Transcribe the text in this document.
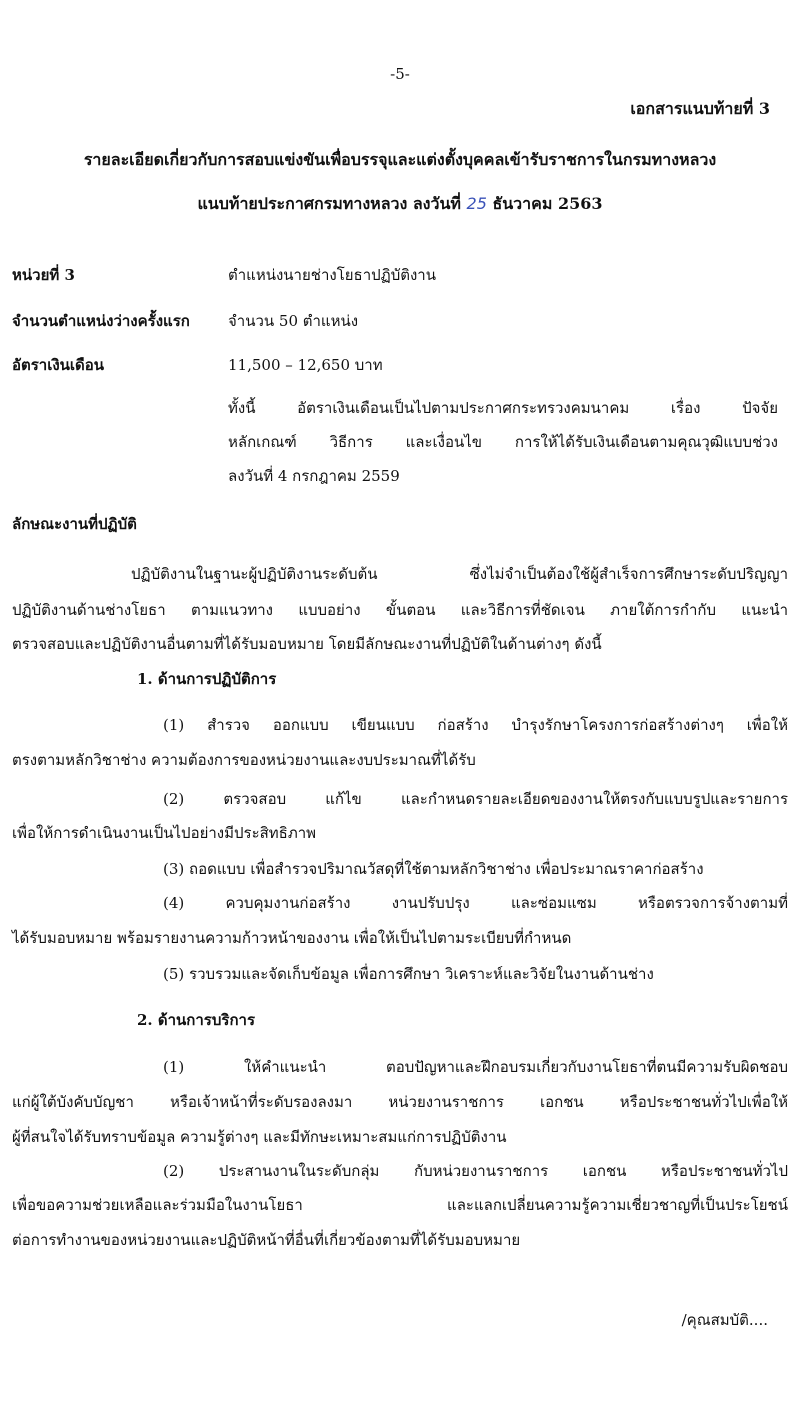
-5-
เอกสารแนบท้ายที่ 3
รายละเอียดเกี่ยวกับการสอบแข่งขันเพื่อบรรจุและแต่งตั้งบุคคลเข้ารับราชการในกรมทางหลวง
แนบท้ายประกาศกรมทางหลวง ลงวันที่ 25 ธันวาคม 2563
หน่วยที่ 3	ตำแหน่งนายช่างโยธาปฏิบัติงาน
จำนวนตำแหน่งว่างครั้งแรก	จำนวน 50 ตำแหน่ง
อัตราเงินเดือน	11,500 – 12,650 บาท
ทั้งนี้ อัตราเงินเดือนเป็นไปตามประกาศกระทรวงคมนาคม เรื่อง ปัจจัย
หลักเกณฑ์ วิธีการ และเงื่อนไข การให้ได้รับเงินเดือนตามคุณวุฒิแบบช่วง
ลงวันที่ 4 กรกฎาคม 2559
ลักษณะงานที่ปฏิบัติ
ปฏิบัติงานในฐานะผู้ปฏิบัติงานระดับต้น ซึ่งไม่จำเป็นต้องใช้ผู้สำเร็จการศึกษาระดับปริญญา
ปฏิบัติงานด้านช่างโยธา ตามแนวทาง แบบอย่าง ขั้นตอน และวิธีการที่ชัดเจน ภายใต้การกำกับ แนะนำ
ตรวจสอบและปฏิบัติงานอื่นตามที่ได้รับมอบหมาย โดยมีลักษณะงานที่ปฏิบัติในด้านต่างๆ ดังนี้
1. ด้านการปฏิบัติการ
(1) สำรวจ ออกแบบ เขียนแบบ ก่อสร้าง บำรุงรักษาโครงการก่อสร้างต่างๆ เพื่อให้
ตรงตามหลักวิชาช่าง ความต้องการของหน่วยงานและงบประมาณที่ได้รับ
(2) ตรวจสอบ แก้ไข และกำหนดรายละเอียดของงานให้ตรงกับแบบรูปและรายการ
เพื่อให้การดำเนินงานเป็นไปอย่างมีประสิทธิภาพ
(3) ถอดแบบ เพื่อสำรวจปริมาณวัสดุที่ใช้ตามหลักวิชาช่าง เพื่อประมาณราคาก่อสร้าง
(4) ควบคุมงานก่อสร้าง งานปรับปรุง และซ่อมแซม หรือตรวจการจ้างตามที่
ได้รับมอบหมาย พร้อมรายงานความก้าวหน้าของงาน เพื่อให้เป็นไปตามระเบียบที่กำหนด
(5) รวบรวมและจัดเก็บข้อมูล เพื่อการศึกษา วิเคราะห์และวิจัยในงานด้านช่าง
2. ด้านการบริการ
(1) ให้คำแนะนำ ตอบปัญหาและฝึกอบรมเกี่ยวกับงานโยธาที่ตนมีความรับผิดชอบ
แก่ผู้ใต้บังคับบัญชา หรือเจ้าหน้าที่ระดับรองลงมา หน่วยงานราชการ เอกชน หรือประชาชนทั่วไปเพื่อให้
ผู้ที่สนใจได้รับทราบข้อมูล ความรู้ต่างๆ และมีทักษะเหมาะสมแก่การปฏิบัติงาน
(2) ประสานงานในระดับกลุ่ม กับหน่วยงานราชการ เอกชน หรือประชาชนทั่วไป
เพื่อขอความช่วยเหลือและร่วมมือในงานโยธา และแลกเปลี่ยนความรู้ความเชี่ยวชาญที่เป็นประโยชน์
ต่อการทำงานของหน่วยงานและปฏิบัติหน้าที่อื่นที่เกี่ยวข้องตามที่ได้รับมอบหมาย
/คุณสมบัติ....
